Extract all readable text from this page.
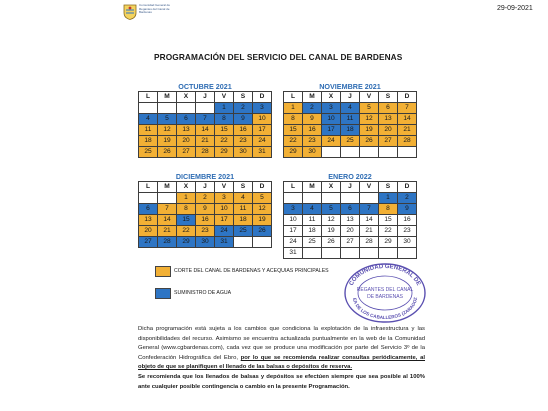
Comunidad General de Regantes del Canal de Bardenas	29-09-2021
PROGRAMACIÓN DEL SERVICIO DEL CANAL DE BARDENAS
OCTUBRE 2021
L	M	X	J	V	S	D
				1	2	3
4	5	6	7	8	9	10
11	12	13	14	15	16	17
18	19	20	21	22	23	24
25	26	27	28	29	30	31
NOVIEMBRE 2021
L	M	X	J	V	S	D
1	2	3	4	5	6	7
8	9	10	11	12	13	14
15	16	17	18	19	20	21
22	23	24	25	26	27	28
29	30					
DICIEMBRE 2021
L	M	X	J	V	S	D
		1	2	3	4	5
6	7	8	9	10	11	12
13	14	15	16	17	18	19
20	21	22	23	24	25	26
27	28	29	30	31		
ENERO 2022
L	M	X	J	V	S	D
					1	2
3	4	5	6	7	8	9
10	11	12	13	14	15	16
17	18	19	20	21	22	23
24	25	26	27	28	29	30
31						
CORTE DEL CANAL DE BARDENAS Y ACEQUIAS PRINCIPALES
SUMINISTRO DE AGUA
COMUNIDAD GENERAL DE
REGANTES DEL CANAL
DE BARDENAS
EA DE LOS CABALLEROS (ZARAGOZ

Dicha programación está sujeta a los cambios que condiciona la explotación de la infraestructura y las disponibilidades del recurso. Asimismo se encuentra actualizada puntualmente en la web de la Comunidad General (www.cgbardenas.com), cada vez que se produce una modificación por parte del Servicio 3º de la Confederación Hidrográfica del Ebro, por lo que se recomienda realizar consultas periódicamente, al objeto de que se planifiquen el llenado de las balsas o depósitos de reserva.

Se recomienda que los llenados de balsas y depósitos se efectúen siempre que sea posible al 100% ante cualquier posible contingencia o cambio en la presente Programación.
